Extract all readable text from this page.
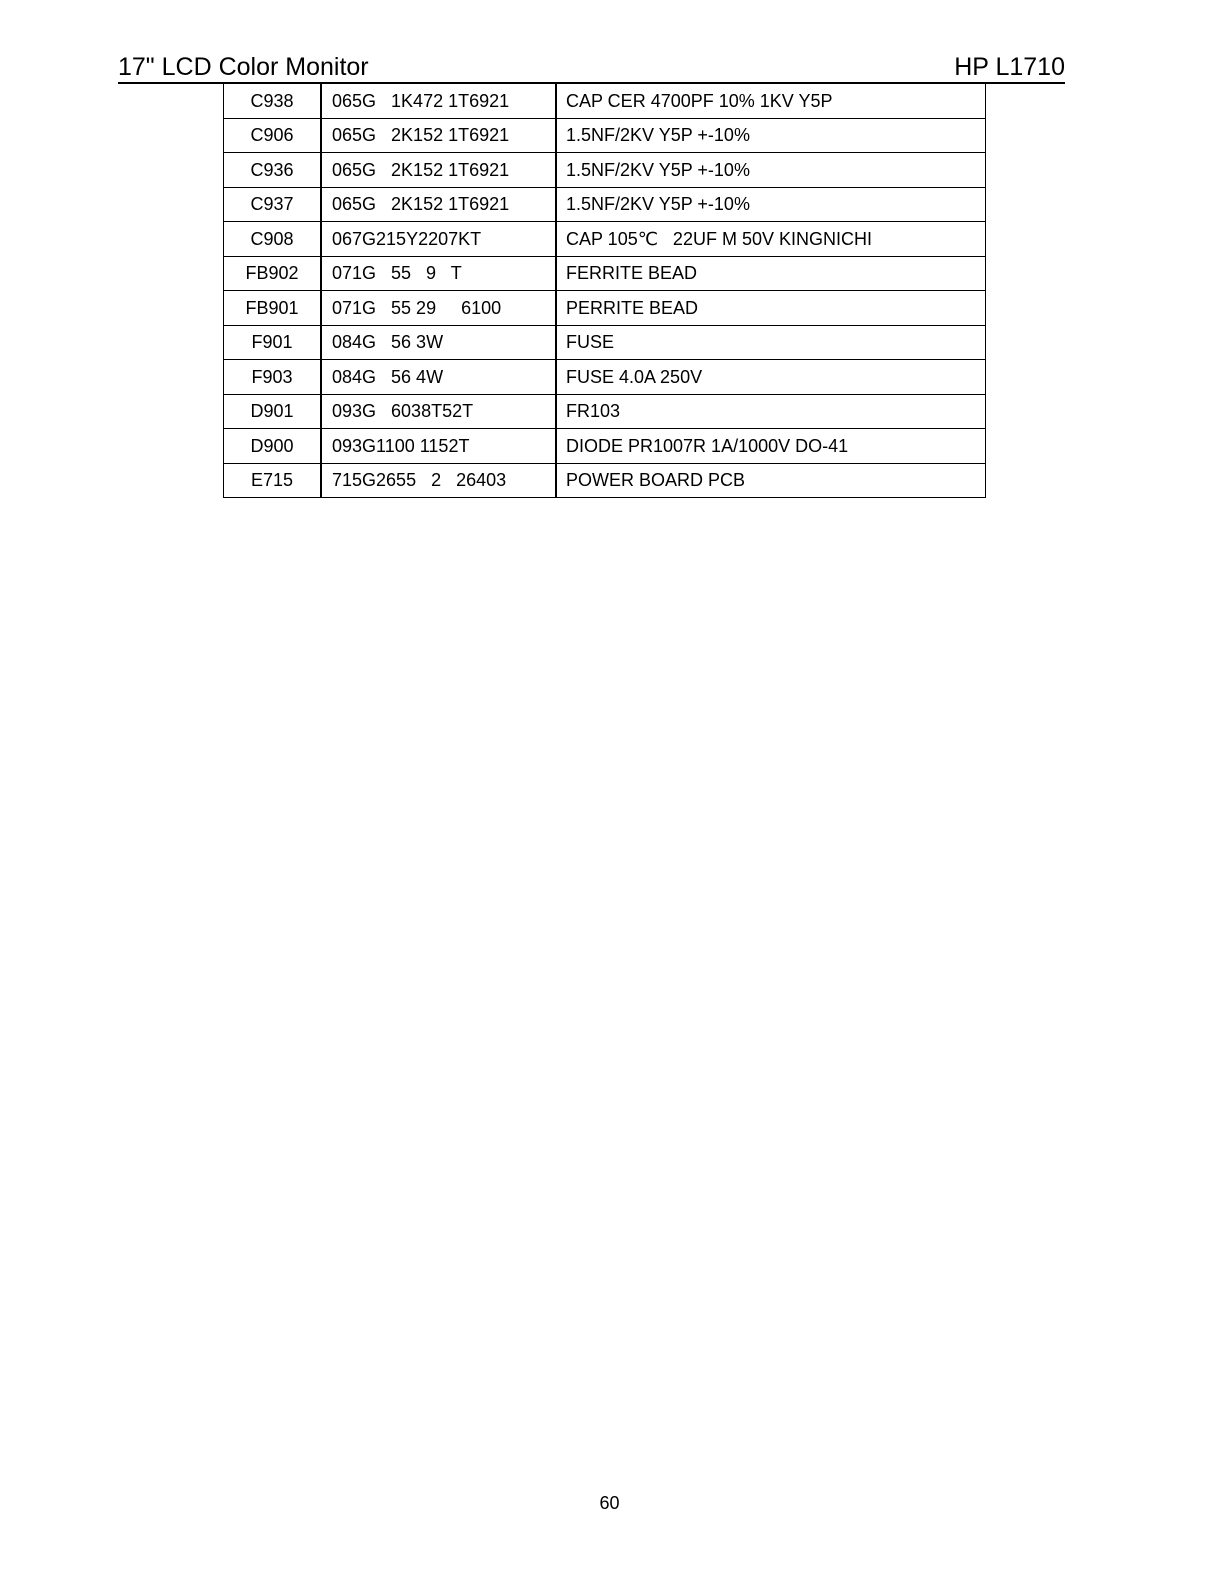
17" LCD Color Monitor	HP L1710
C938	065G   1K472 1T6921	CAP CER 4700PF 10% 1KV Y5P
C906	065G   2K152 1T6921	1.5NF/2KV Y5P +-10%
C936	065G   2K152 1T6921	1.5NF/2KV Y5P +-10%
C937	065G   2K152 1T6921	1.5NF/2KV Y5P +-10%
C908	067G215Y2207KT	CAP 105℃   22UF M 50V KINGNICHI
FB902	071G   55   9   T	FERRITE BEAD
FB901	071G   55 29     6100	PERRITE BEAD
F901	084G   56 3W	FUSE
F903	084G   56 4W	FUSE 4.0A 250V
D901	093G   6038T52T	FR103
D900	093G1100 1152T	DIODE PR1007R 1A/1000V DO-41
E715	715G2655   2   26403	POWER BOARD PCB
60
